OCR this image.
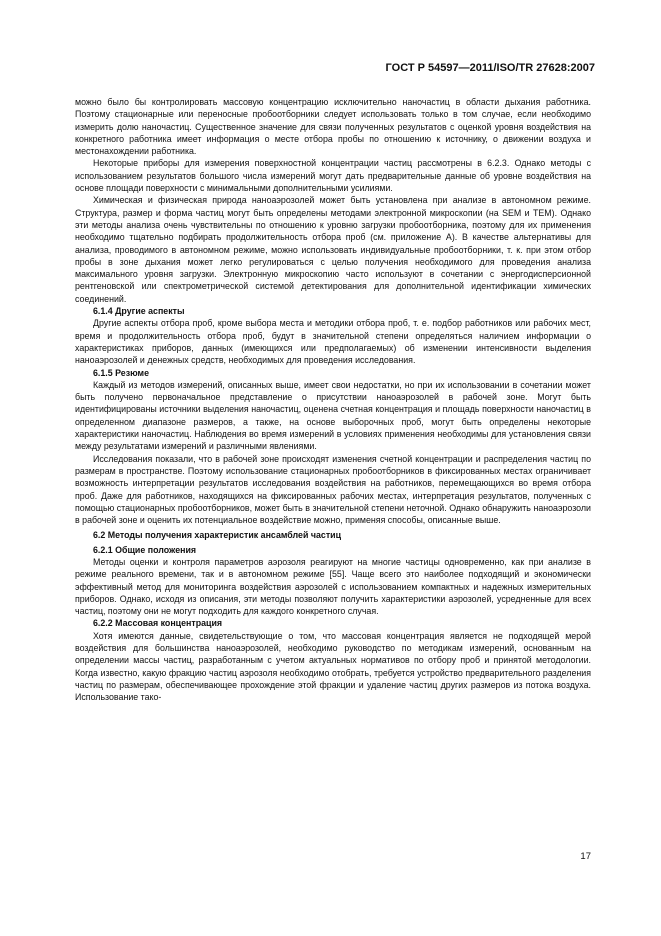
ГОСТ Р 54597—2011/ISO/TR 27628:2007

можно было бы контролировать массовую концентрацию исключительно наночастиц в области дыхания работника. Поэтому стационарные или переносные пробоотборники следует использовать только в том случае, если необходимо измерить долю наночастиц. Существенное значение для связи полученных результатов с оценкой уровня воздействия на конкретного работника имеет информация о месте отбора пробы по отношению к источнику, о движении воздуха и местонахождении работника.

Некоторые приборы для измерения поверхностной концентрации частиц рассмотрены в 6.2.3. Однако методы с использованием результатов большого числа измерений могут дать предварительные данные об уровне воздействия на основе площади поверхности с минимальными дополнительными усилиями.

Химическая и физическая природа наноаэрозолей может быть установлена при анализе в автономном режиме. Структура, размер и форма частиц могут быть определены методами электронной микроскопии (на SEM и TEM). Однако эти методы анализа очень чувствительны по отношению к уровню загрузки пробоотборника, поэтому для их применения необходимо тщательно подбирать продолжительность отбора проб (см. приложение А). В качестве альтернативы для анализа, проводимого в автономном режиме, можно использовать индивидуальные пробоотборники, т. к. при этом отбор пробы в зоне дыхания может легко регулироваться с целью получения необходимого для проведения анализа максимального уровня загрузки. Электронную микроскопию часто используют в сочетании с энергодисперсионной рентгеновской или спектрометрической системой детектирования для дополнительной идентификации химических соединений.

6.1.4 Другие аспекты

Другие аспекты отбора проб, кроме выбора места и методики отбора проб, т. е. подбор работников или рабочих мест, время и продолжительность отбора проб, будут в значительной степени определяться наличием информации о характеристиках приборов, данных (имеющихся или предполагаемых) об изменении интенсивности выделения наноаэрозолей и денежных средств, необходимых для проведения исследования.

6.1.5 Резюме

Каждый из методов измерений, описанных выше, имеет свои недостатки, но при их использовании в сочетании может быть получено первоначальное представление о присутствии наноаэрозолей в рабочей зоне. Могут быть идентифицированы источники выделения наночастиц, оценена счетная концентрация и площадь поверхности наночастиц в определенном диапазоне размеров, а также, на основе выборочных проб, могут быть определены некоторые характеристики наночастиц. Наблюдения во время измерений в условиях применения необходимы для установления связи между результатами измерений и различными явлениями.

Исследования показали, что в рабочей зоне происходят изменения счетной концентрации и распределения частиц по размерам в пространстве. Поэтому использование стационарных пробоотборников в фиксированных местах ограничивает возможность интерпретации результатов исследования воздействия на работников, перемещающихся во время отбора проб. Даже для работников, находящихся на фиксированных рабочих местах, интерпретация результатов, полученных с помощью стационарных пробоотборников, может быть в значительной степени неточной. Однако обнаружить наноаэрозоли в рабочей зоне и оценить их потенциальное воздействие можно, применяя способы, описанные выше.

6.2 Методы получения характеристик ансамблей частиц
6.2.1 Общие положения

Методы оценки и контроля параметров аэрозоля реагируют на многие частицы одновременно, как при анализе в режиме реального времени, так и в автономном режиме [55]. Чаще всего это наиболее подходящий и экономически эффективный метод для мониторинга воздействия аэрозолей с использованием компактных и надежных измерительных приборов. Однако, исходя из описания, эти методы позволяют получить характеристики аэрозолей, усредненные для всех частиц, поэтому они не могут подходить для каждого конкретного случая.

6.2.2 Массовая концентрация

Хотя имеются данные, свидетельствующие о том, что массовая концентрация является не подходящей мерой воздействия для большинства наноаэрозолей, необходимо руководство по методикам измерений, основанным на определении массы частиц, разработанным с учетом актуальных нормативов по отбору проб и принятой методологии. Когда известно, какую фракцию частиц аэрозоля необходимо отобрать, требуется устройство предварительного разделения частиц по размерам, обеспечивающее прохождение этой фракции и удаление частиц других размеров из потока воздуха. Использование тако-

17
